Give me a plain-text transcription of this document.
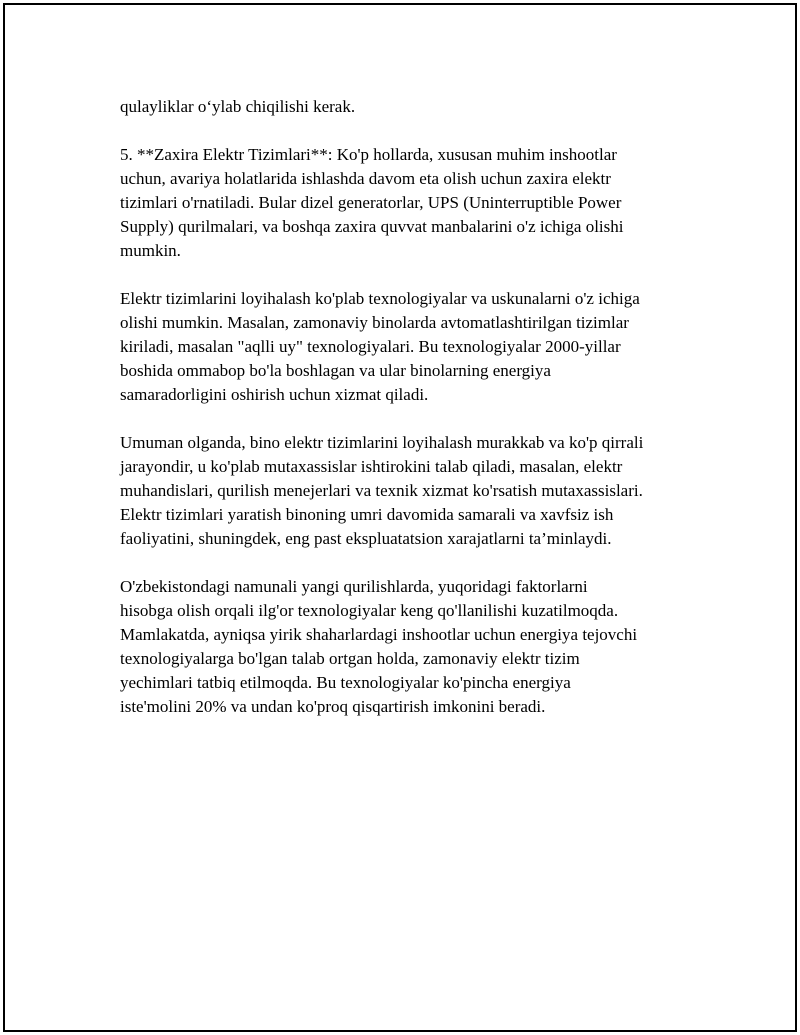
qulayliklar o‘ylab chiqilishi kerak.

5. **Zaxira Elektr Tizimlari**: Ko'p hollarda, xususan muhim inshootlar
uchun, avariya holatlarida ishlashda davom eta olish uchun zaxira elektr
tizimlari o'rnatiladi. Bular dizel generatorlar, UPS (Uninterruptible Power
Supply) qurilmalari, va boshqa zaxira quvvat manbalarini o'z ichiga olishi
mumkin.

Elektr tizimlarini loyihalash ko'plab texnologiyalar va uskunalarni o'z ichiga
olishi mumkin. Masalan, zamonaviy binolarda avtomatlashtirilgan tizimlar
kiriladi, masalan "aqlli uy" texnologiyalari. Bu texnologiyalar 2000-yillar
boshida ommabop bo'la boshlagan va ular binolarning energiya
samaradorligini oshirish uchun xizmat qiladi.

Umuman olganda, bino elektr tizimlarini loyihalash murakkab va ko'p qirrali
jarayondir, u ko'plab mutaxassislar ishtirokini talab qiladi, masalan, elektr
muhandislari, qurilish menejerlari va texnik xizmat ko'rsatish mutaxassislari.
Elektr tizimlari yaratish binoning umri davomida samarali va xavfsiz ish
faoliyatini, shuningdek, eng past ekspluatatsion xarajatlarni ta’minlaydi.

O'zbekistondagi namunali yangi qurilishlarda, yuqoridagi faktorlarni
hisobga olish orqali ilg'or texnologiyalar keng qo'llanilishi kuzatilmoqda.
Mamlakatda, ayniqsa yirik shaharlardagi inshootlar uchun energiya tejovchi
texnologiyalarga bo'lgan talab ortgan holda, zamonaviy elektr tizim
yechimlari tatbiq etilmoqda. Bu texnologiyalar ko'pincha energiya
iste'molini 20% va undan ko'proq qisqartirish imkonini beradi.
